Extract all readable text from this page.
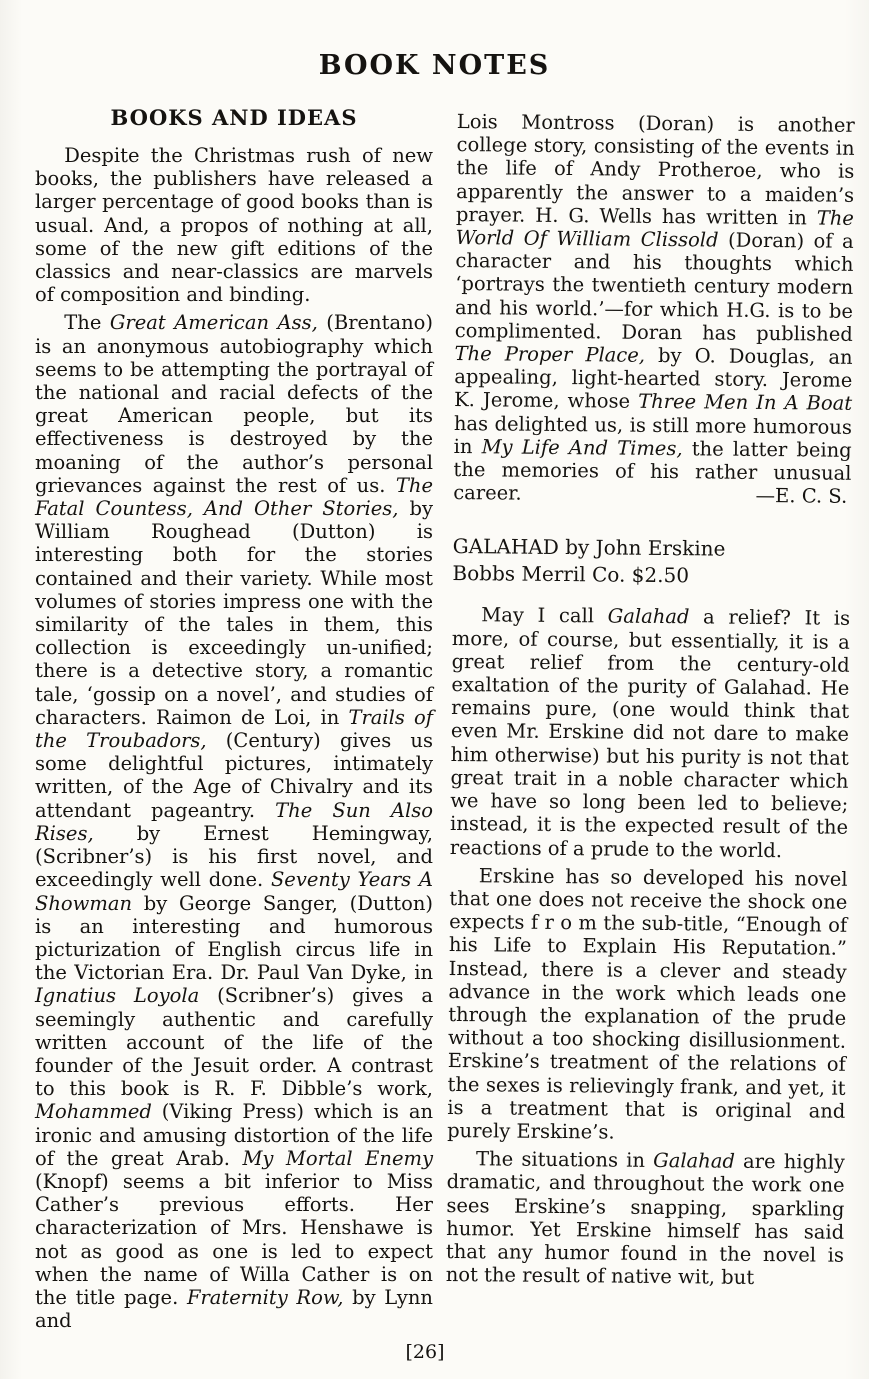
BOOK NOTES
BOOKS AND IDEAS

Despite the Christmas rush of new books, the publishers have released a larger percentage of good books than is usual. And, a propos of nothing at all, some of the new gift editions of the classics and near-classics are marvels of composition and binding.

The Great American Ass, (Brentano) is an anonymous autobiography which seems to be attempting the portrayal of the national and racial defects of the great American people, but its effectiveness is destroyed by the moaning of the author’s personal grievances against the rest of us. The Fatal Countess, And Other Stories, by William Roughead (Dutton) is interesting both for the stories contained and their variety. While most volumes of stories impress one with the similarity of the tales in them, this collection is exceedingly un-unified; there is a detective story, a romantic tale, ‘gossip on a novel’, and studies of characters. Raimon de Loi, in Trails of the Troubadors, (Century) gives us some delightful pictures, intimately written, of the Age of Chivalry and its attendant pageantry. The Sun Also Rises, by Ernest Hemingway, (Scribner’s) is his first novel, and exceedingly well done. Seventy Years A Showman by George Sanger, (Dutton) is an interesting and humorous picturization of English circus life in the Victorian Era. Dr. Paul Van Dyke, in Ignatius Loyola (Scribner’s) gives a seemingly authentic and carefully written account of the life of the founder of the Jesuit order. A contrast to this book is R. F. Dibble’s work, Mohammed (Viking Press) which is an ironic and amusing distortion of the life of the great Arab. My Mortal Enemy (Knopf) seems a bit inferior to Miss Cather’s previous efforts. Her characterization of Mrs. Henshawe is not as good as one is led to expect when the name of Willa Cather is on the title page. Fraternity Row, by Lynn and

Lois Montross (Doran) is another college story, consisting of the events in the life of Andy Protheroe, who is apparently the answer to a maiden’s prayer. H. G. Wells has written in The World Of William Clissold (Doran) of a character and his thoughts which ‘portrays the twentieth century modern and his world.’—for which H.G. is to be complimented. Doran has published The Proper Place, by O. Douglas, an appealing, light-hearted story. Jerome K. Jerome, whose Three Men In A Boat has delighted us, is still more humorous in My Life And Times, the latter being the memories of his rather unusual career.	—E. C. S.
GALAHAD by John Erskine
Bobbs Merril Co. $2.50

May I call Galahad a relief? It is more, of course, but essentially, it is a great relief from the century-old exaltation of the purity of Galahad. He remains pure, (one would think that even Mr. Erskine did not dare to make him otherwise) but his purity is not that great trait in a noble character which we have so long been led to believe; instead, it is the expected result of the reactions of a prude to the world.

Erskine has so developed his novel that one does not receive the shock one expects f r o m the sub-title, “Enough of his Life to Explain His Reputation.” Instead, there is a clever and steady advance in the work which leads one through the explanation of the prude without a too shocking disillusionment. Erskine’s treatment of the relations of the sexes is relievingly frank, and yet, it is a treatment that is original and purely Erskine’s.

The situations in Galahad are highly dramatic, and throughout the work one sees Erskine’s snapping, sparkling humor. Yet Erskine himself has said that any humor found in the novel is not the result of native wit, but

[26]
